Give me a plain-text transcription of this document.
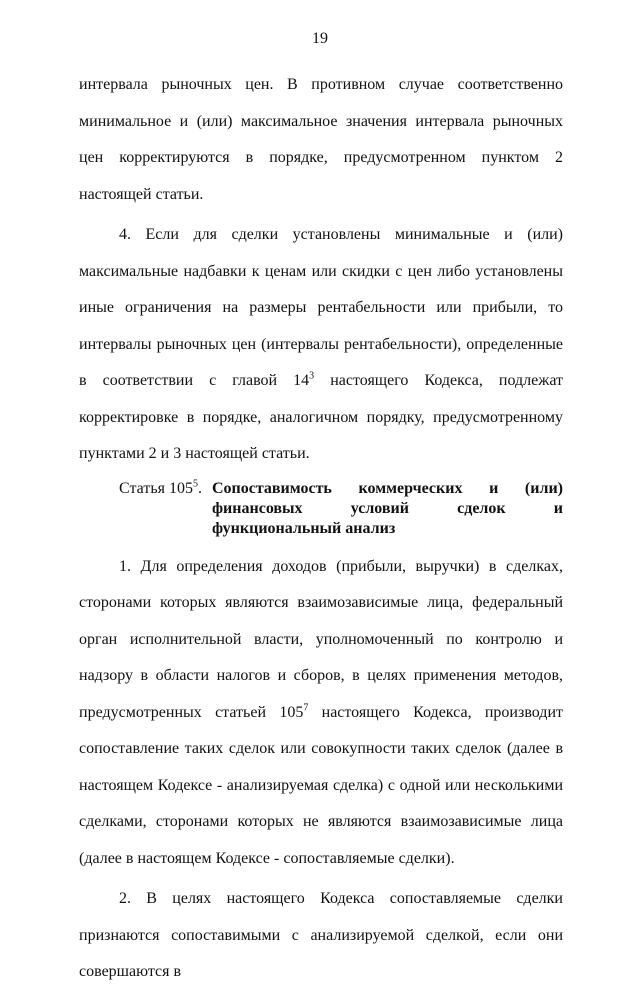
19

интервала рыночных цен. В противном случае соответственно минимальное и (или) максимальное значения интервала рыночных цен корректируются в порядке, предусмотренном пунктом 2 настоящей статьи.

4. Если для сделки установлены минимальные и (или) максимальные надбавки к ценам или скидки с цен либо установлены иные ограничения на размеры рентабельности или прибыли, то интервалы рыночных цен (интервалы рентабельности), определенные в соответствии с главой $14^3$ настоящего Кодекса, подлежат корректировке в порядке, аналогичном порядку, предусмотренному пунктами 2 и 3 настоящей статьи.

Статья $105^5$. Сопоставимость коммерческих и (или) финансовых условий сделок и функциональный анализ

1. Для определения доходов (прибыли, выручки) в сделках, сторонами которых являются взаимозависимые лица, федеральный орган исполнительной власти, уполномоченный по контролю и надзору в области налогов и сборов, в целях применения методов, предусмотренных статьей $105^7$ настоящего Кодекса, производит сопоставление таких сделок или совокупности таких сделок (далее в настоящем Кодексе - анализируемая сделка) с одной или несколькими сделками, сторонами которых не являются взаимозависимые лица (далее в настоящем Кодексе - сопоставляемые сделки).

2. В целях настоящего Кодекса сопоставляемые сделки признаются сопоставимыми с анализируемой сделкой, если они совершаются в
